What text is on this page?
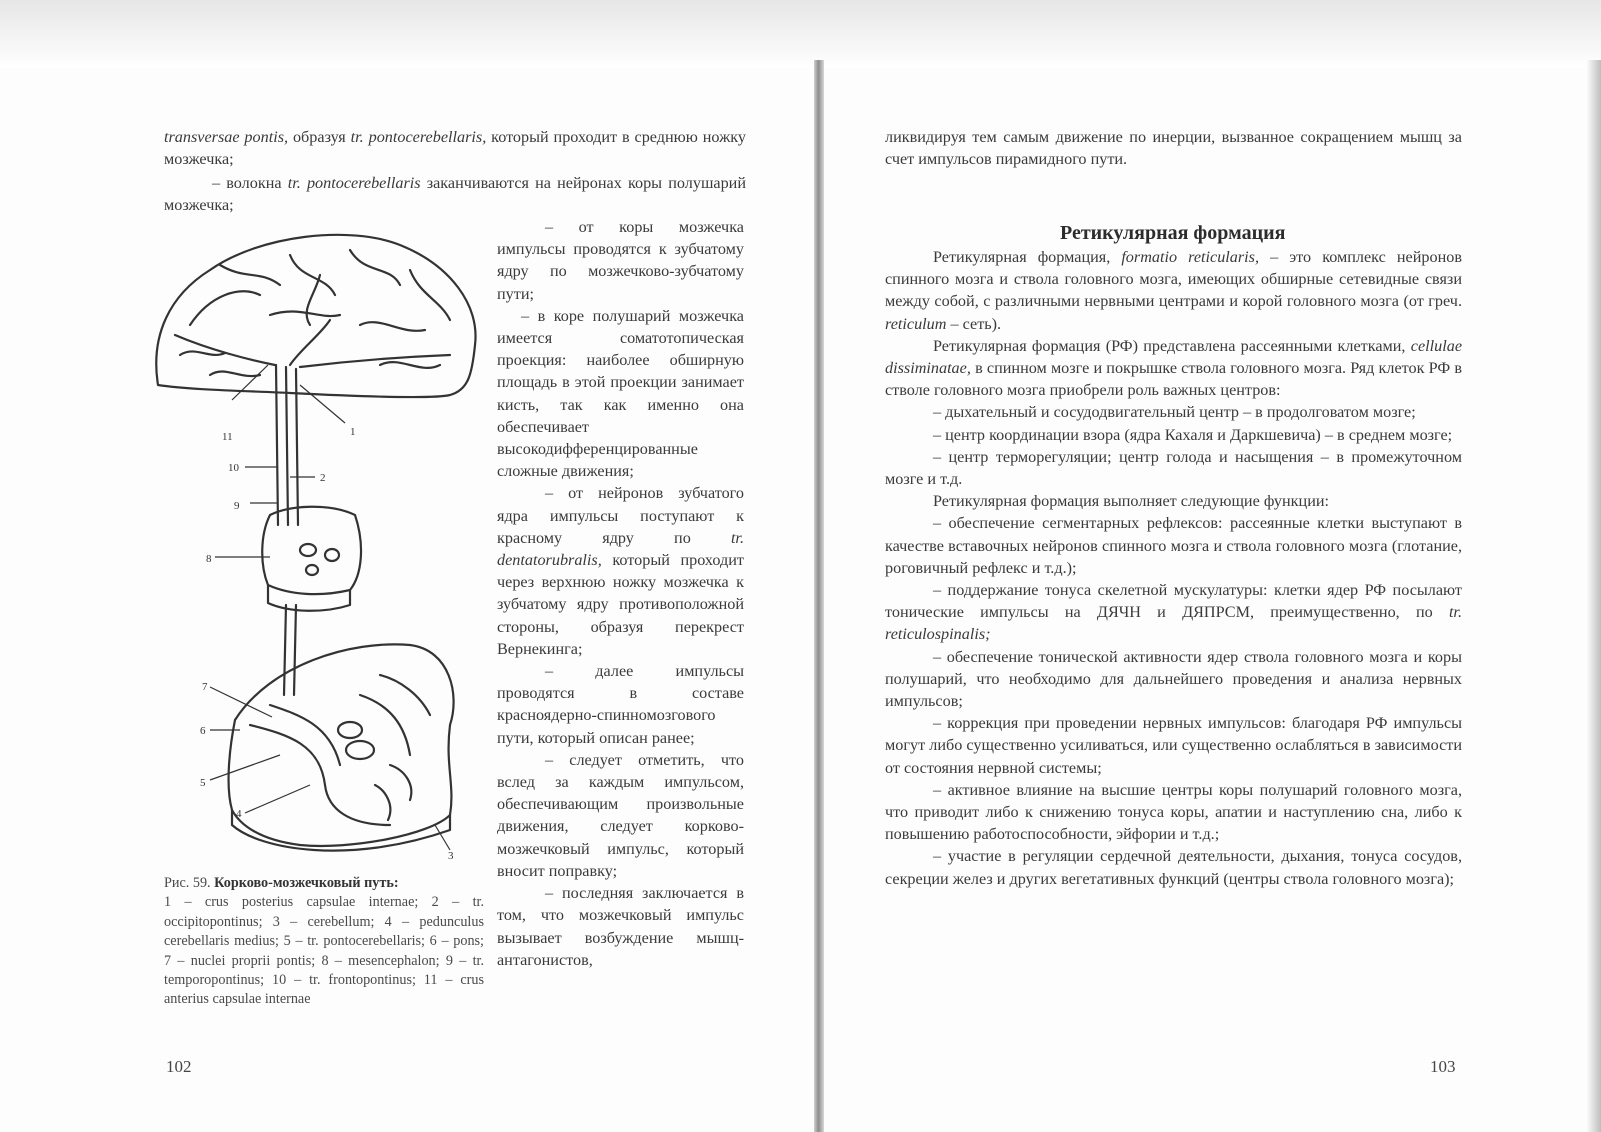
transversae pontis, образуя tr. pontocerebellaris, который проходит в среднюю ножку мозжечка;
– волокна tr. pontocerebellaris заканчиваются на нейронах коры полушарий мозжечка;

– от коры мозжечка импульсы проводятся к зубчатому ядру по мозжечково-зубчатому пути;

– в коре полушарий мозжечка имеется соматотопическая проекция: наиболее обширную площадь в этой проекции занимает кисть, так как именно она обеспечивает высокодифференцированные сложные движения;

– от нейронов зубчатого ядра импульсы поступают к красному ядру по tr. dentatorubralis, который проходит через верхнюю ножку мозжечка к зубчатому ядру противоположной стороны, образуя перекрест Вернекинга;

– далее импульсы проводятся в составе красноядерно-спинномозгового пути, который описан ранее;

– следует отметить, что вслед за каждым импульсом, обеспечивающим произвольные движения, следует корково-мозжечковый импульс, который вносит поправку;

– последняя заключается в том, что мозжечковый импульс вызывает возбуждение мышц-антагонистов,

11	1
10
2
9
8
7
6
5
4
3
Рис. 59. Корково-мозжечковый путь:
1 – crus posterius capsulae internae; 2 – tr. occipitopontinus; 3 – cerebellum; 4 – pedunculus cerebellaris medius; 5 – tr. pontocerebellaris; 6 – pons; 7 – nuclei proprii pontis; 8 – mesencephalon; 9 – tr. temporopontinus; 10 – tr. frontopontinus; 11 – crus anterius capsulae internae
102
ликвидируя тем самым движение по инерции, вызванное сокращением мышц за счет импульсов пирамидного пути.
Ретикулярная формация

Ретикулярная формация, formatio reticularis, – это комплекс нейронов спинного мозга и ствола головного мозга, имеющих обширные сетевидные связи между собой, с различными нервными центрами и корой головного мозга (от греч. reticulum – сеть).

Ретикулярная формация (РФ) представлена рассеянными клетками, cellulae dissiminatae, в спинном мозге и покрышке ствола головного мозга. Ряд клеток РФ в стволе головного мозга приобрели роль важных центров:

– дыхательный и сосудодвигательный центр – в продолговатом мозге;

– центр координации взора (ядра Кахаля и Даркшевича) – в среднем мозге;

– центр терморегуляции; центр голода и насыщения – в промежуточном мозге и т.д.

Ретикулярная формация выполняет следующие функции:

– обеспечение сегментарных рефлексов: рассеянные клетки выступают в качестве вставочных нейронов спинного мозга и ствола головного мозга (глотание, роговичный рефлекс и т.д.);

– поддержание тонуса скелетной мускулатуры: клетки ядер РФ посылают тонические импульсы на ДЯЧН и ДЯПРСМ, преимущественно, по tr. reticulospinalis;

– обеспечение тонической активности ядер ствола головного мозга и коры полушарий, что необходимо для дальнейшего проведения и анализа нервных импульсов;

– коррекция при проведении нервных импульсов: благодаря РФ импульсы могут либо существенно усиливаться, или существенно ослабляться в зависимости от состояния нервной системы;

– активное влияние на высшие центры коры полушарий головного мозга, что приводит либо к снижению тонуса коры, апатии и наступлению сна, либо к повышению работоспособности, эйфории и т.д.;

– участие в регуляции сердечной деятельности, дыхания, тонуса сосудов, секреции желез и других вегетативных функций (центры ствола головного мозга);

103
